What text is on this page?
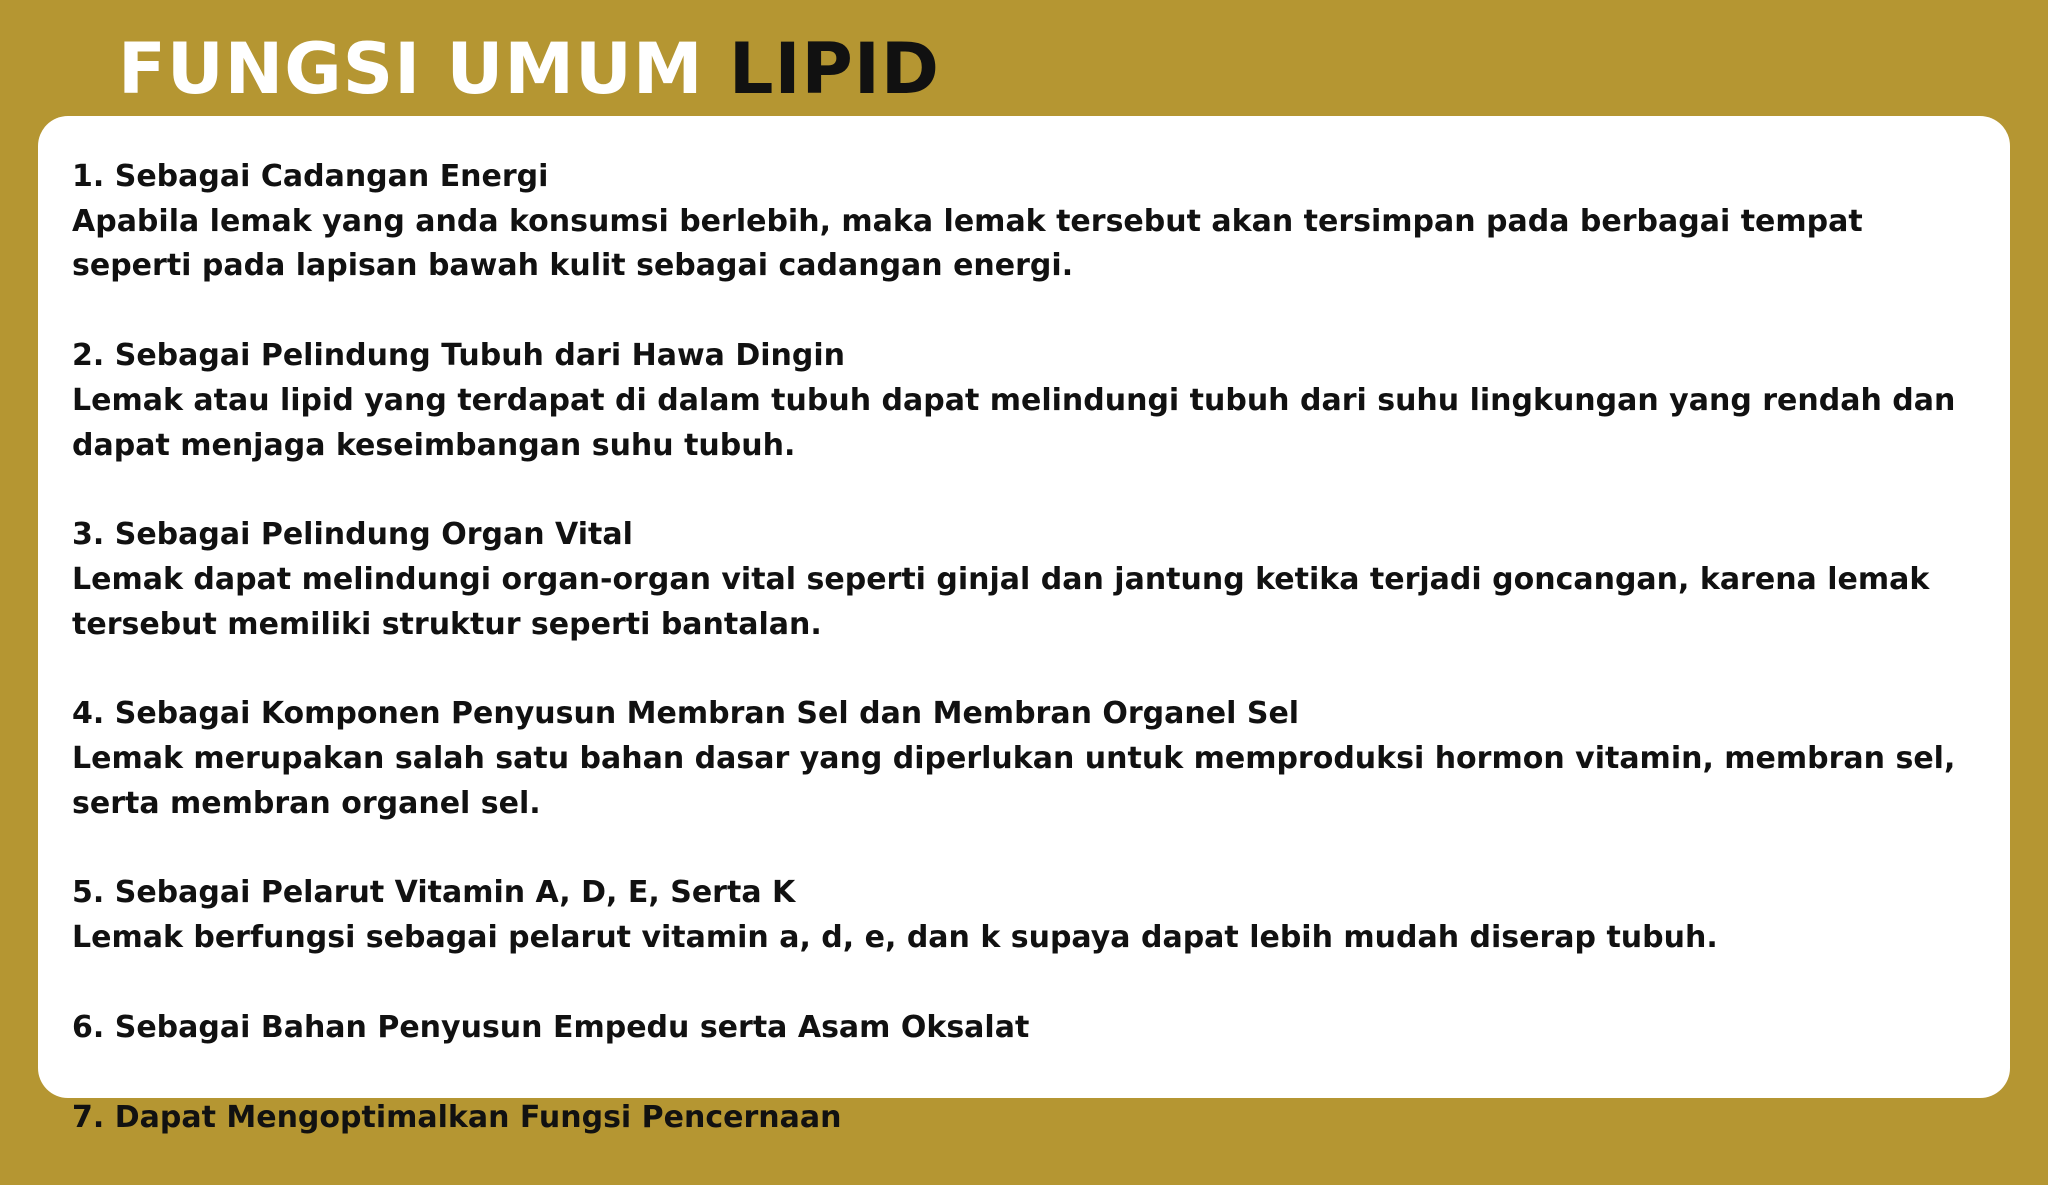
FUNGSI UMUM LIPID
1. Sebagai Cadangan Energi
Apabila lemak yang anda konsumsi berlebih, maka lemak tersebut akan tersimpan pada berbagai tempat seperti pada lapisan bawah kulit sebagai cadangan energi.
2. Sebagai Pelindung Tubuh dari Hawa Dingin
Lemak atau lipid yang terdapat di dalam tubuh dapat melindungi tubuh dari suhu lingkungan yang rendah dan dapat menjaga keseimbangan suhu tubuh.
3. Sebagai Pelindung Organ Vital
Lemak dapat melindungi organ-organ vital seperti ginjal dan jantung ketika terjadi goncangan, karena lemak tersebut memiliki struktur seperti bantalan.
4. Sebagai Komponen Penyusun Membran Sel dan Membran Organel Sel
Lemak merupakan salah satu bahan dasar yang diperlukan untuk memproduksi hormon vitamin, membran sel, serta membran organel sel.
5. Sebagai Pelarut Vitamin A, D, E, Serta K
Lemak berfungsi sebagai pelarut vitamin a, d, e, dan k supaya dapat lebih mudah diserap tubuh.
6. Sebagai Bahan Penyusun Empedu serta Asam Oksalat
7. Dapat Mengoptimalkan Fungsi Pencernaan
